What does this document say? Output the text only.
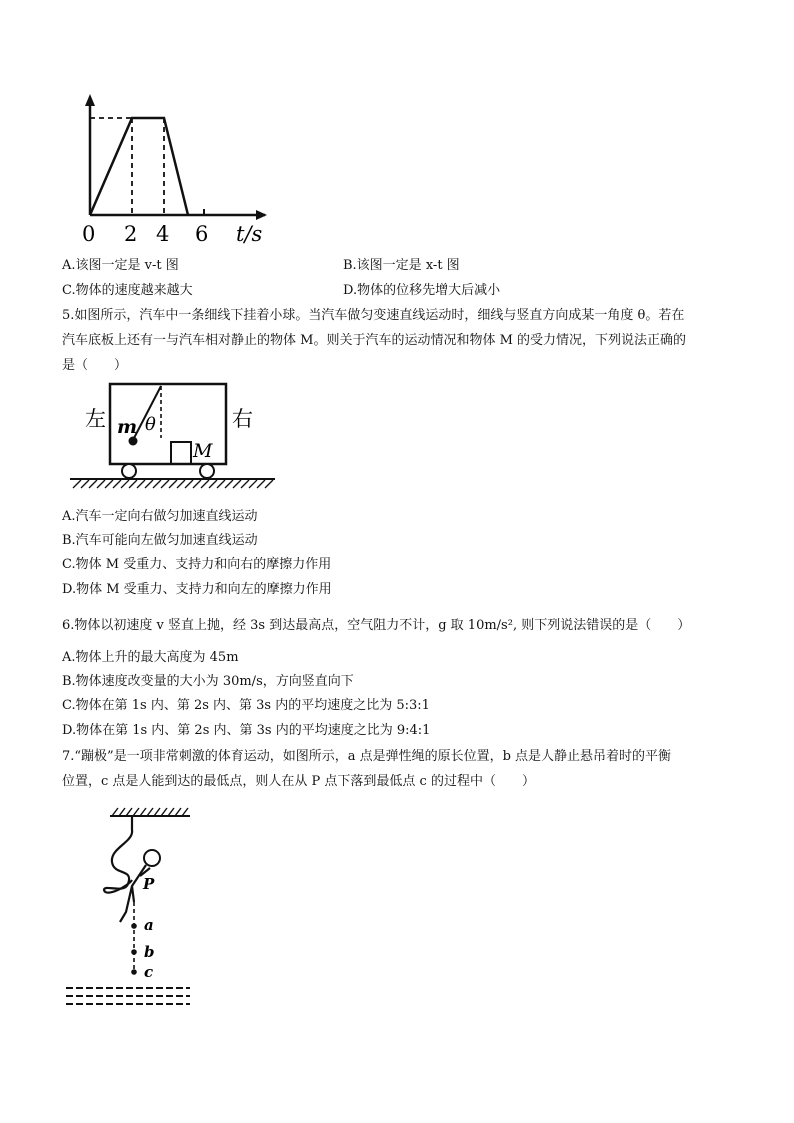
0 2 4 6 t/s
A.该图一定是 v-t 图	B.该图一定是 x-t 图
C.物体的速度越来越大	D.物体的位移先增大后减小
5.如图所示，汽车中一条细线下挂着小球。当汽车做匀变速直线运动时，细线与竖直方向成某一角度 θ。若在
汽车底板上还有一与汽车相对静止的物体 M。则关于汽车的运动情况和物体 M 的受力情况，下列说法正确的
是（　　）
左	右
m θ
M
A.汽车一定向右做匀加速直线运动
B.汽车可能向左做匀加速直线运动
C.物体 M 受重力、支持力和向右的摩擦力作用
D.物体 M 受重力、支持力和向左的摩擦力作用
6.物体以初速度 v 竖直上抛，经 3s 到达最高点，空气阻力不计，g 取 10m/s², 则下列说法错误的是（　　）
A.物体上升的最大高度为 45m
B.物体速度改变量的大小为 30m/s，方向竖直向下
C.物体在第 1s 内、第 2s 内、第 3s 内的平均速度之比为 5:3:1
D.物体在第 1s 内、第 2s 内、第 3s 内的平均速度之比为 9:4:1
7.“蹦极”是一项非常刺激的体育运动，如图所示，a 点是弹性绳的原长位置，b 点是人静止悬吊着时的平衡
位置，c 点是人能到达的最低点，则人在从 P 点下落到最低点 c 的过程中（　　）
P
a
b
c
